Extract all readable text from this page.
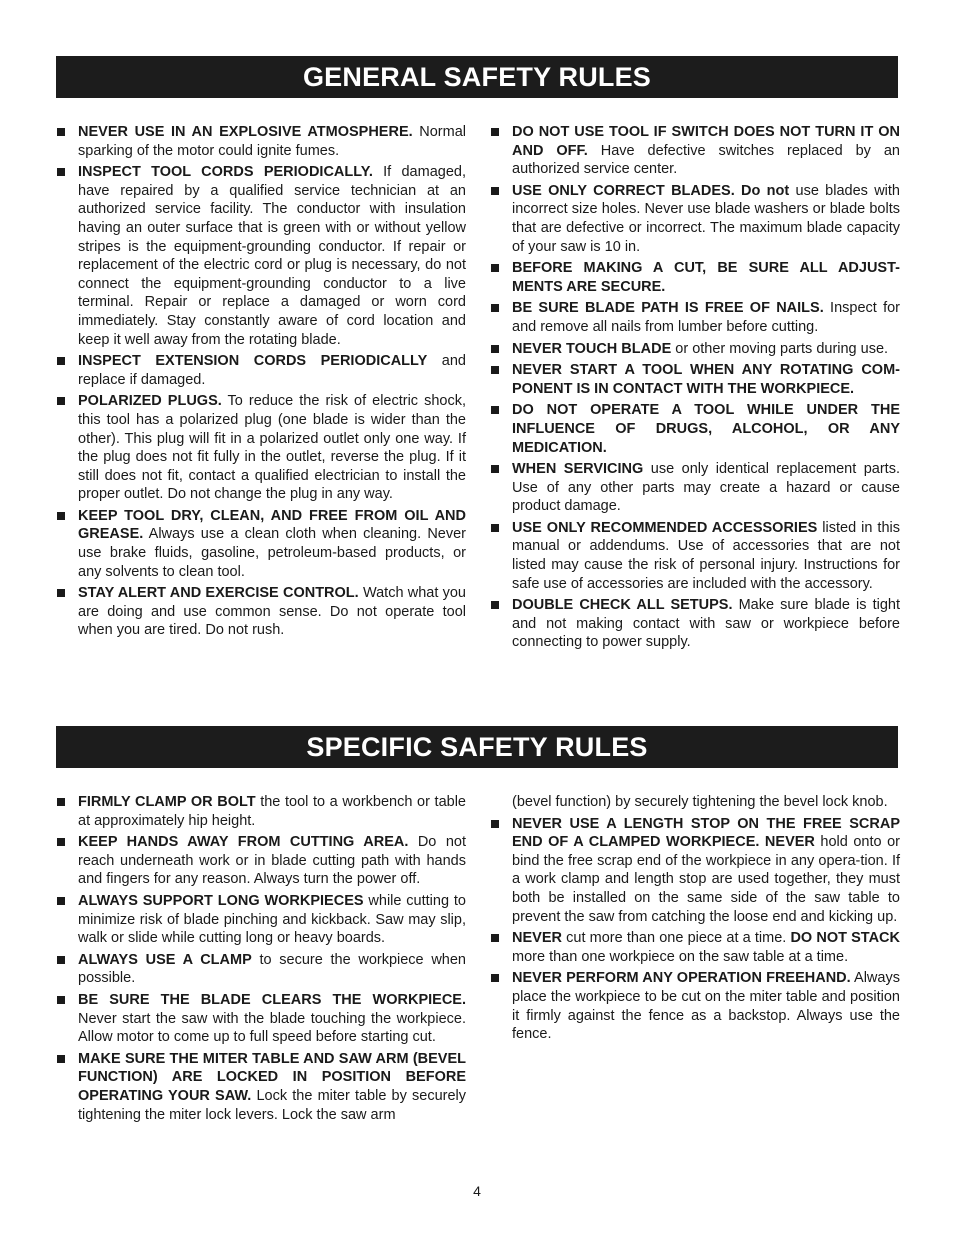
GENERAL SAFETY RULES
NEVER USE IN AN EXPLOSIVE ATMOSPHERE. Normal sparking of the motor could ignite fumes.
INSPECT TOOL CORDS PERIODICALLY. If damaged, have repaired by a qualified service technician at an authorized service facility. The conductor with insulation having an outer surface that is green with or without yellow stripes is the equipment-grounding conductor. If repair or replacement of the electric cord or plug is necessary, do not connect the equipment-grounding conductor to a live terminal. Repair or replace a damaged or worn cord immediately. Stay constantly aware of cord location and keep it well away from the rotating blade.
INSPECT EXTENSION CORDS PERIODICALLY and replace if damaged.
POLARIZED PLUGS. To reduce the risk of electric shock, this tool has a polarized plug (one blade is wider than the other). This plug will fit in a polarized outlet only one way. If the plug does not fit fully in the outlet, reverse the plug. If it still does not fit, contact a qualified electrician to install the proper outlet. Do not change the plug in any way.
KEEP TOOL DRY, CLEAN, AND FREE FROM OIL AND GREASE. Always use a clean cloth when cleaning. Never use brake fluids, gasoline, petroleum-based products, or any solvents to clean tool.
STAY ALERT AND EXERCISE CONTROL. Watch what you are doing and use common sense. Do not operate tool when you are tired. Do not rush.
DO NOT USE TOOL IF SWITCH DOES NOT TURN IT ON AND OFF. Have defective switches replaced by an authorized service center.
USE ONLY CORRECT BLADES. Do not use blades with incorrect size holes. Never use blade washers or blade bolts that are defective or incorrect. The maximum blade capacity of your saw is 10 in.
BEFORE MAKING A CUT, BE SURE ALL ADJUST-MENTS ARE SECURE.
BE SURE BLADE PATH IS FREE OF NAILS. Inspect for and remove all nails from lumber before cutting.
NEVER TOUCH BLADE or other moving parts during use.
NEVER START A TOOL WHEN ANY ROTATING COM-PONENT IS IN CONTACT WITH THE WORKPIECE.
DO NOT OPERATE A TOOL WHILE UNDER THE INFLUENCE OF DRUGS, ALCOHOL, OR ANY MEDICATION.
WHEN SERVICING use only identical replacement parts. Use of any other parts may create a hazard or cause product damage.
USE ONLY RECOMMENDED ACCESSORIES listed in this manual or addendums. Use of accessories that are not listed may cause the risk of personal injury. Instructions for safe use of accessories are included with the accessory.
DOUBLE CHECK ALL SETUPS. Make sure blade is tight and not making contact with saw or workpiece before connecting to power supply.
SPECIFIC SAFETY RULES
FIRMLY CLAMP OR BOLT the tool to a workbench or table at approximately hip height.
KEEP HANDS AWAY FROM CUTTING AREA. Do not reach underneath work or in blade cutting path with hands and fingers for any reason. Always turn the power off.
ALWAYS SUPPORT LONG WORKPIECES while cutting to minimize risk of blade pinching and kickback. Saw may slip, walk or slide while cutting long or heavy boards.
ALWAYS USE A CLAMP to secure the workpiece when possible.
BE SURE THE BLADE CLEARS THE WORKPIECE. Never start the saw with the blade touching the workpiece. Allow motor to come up to full speed before starting cut.
MAKE SURE THE MITER TABLE AND SAW ARM (BEVEL FUNCTION) ARE LOCKED IN POSITION BEFORE OPERATING YOUR SAW. Lock the miter table by securely tightening the miter lock levers. Lock the saw arm
(bevel function) by securely tightening the bevel lock knob.
NEVER USE A LENGTH STOP ON THE FREE SCRAP END OF A CLAMPED WORKPIECE. NEVER hold onto or bind the free scrap end of the workpiece in any opera-tion. If a work clamp and length stop are used together, they must both be installed on the same side of the saw table to prevent the saw from catching the loose end and kicking up.
NEVER cut more than one piece at a time. DO NOT STACK more than one workpiece on the saw table at a time.
NEVER PERFORM ANY OPERATION FREEHAND. Always place the workpiece to be cut on the miter table and position it firmly against the fence as a backstop. Always use the fence.
4
